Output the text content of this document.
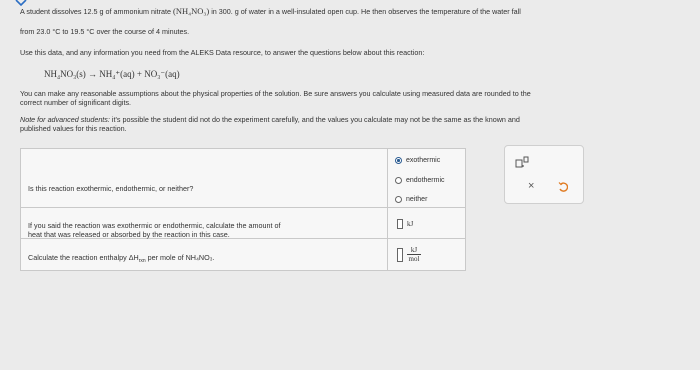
A student dissolves 12.5 g of ammonium nitrate (NH₄NO₃) in 300. g of water in a well-insulated open cup. He then observes the temperature of the water fall
from 23.0 °C to 19.5 °C over the course of 4 minutes.
Use this data, and any information you need from the ALEKS Data resource, to answer the questions below about this reaction:
NH₄NO₃(s) → NH₄⁺(aq) + NO₃⁻(aq)
You can make any reasonable assumptions about the physical properties of the solution. Be sure answers you calculate using measured data are rounded to the
correct number of significant digits.
Note for advanced students: it's possible the student did not do the experiment carefully, and the values you calculate may not be the same as the known and
published values for this reaction.
Is this reaction exothermic, endothermic, or neither?
exothermic
endothermic
neither
If you said the reaction was exothermic or endothermic, calculate the amount of
heat that was released or absorbed by the reaction in this case.
kJ
Calculate the reaction enthalpy $\Delta H_{rxn}$ per mole of NH₄NO₃.	$\frac{kJ}{\text{mol}}$
×
